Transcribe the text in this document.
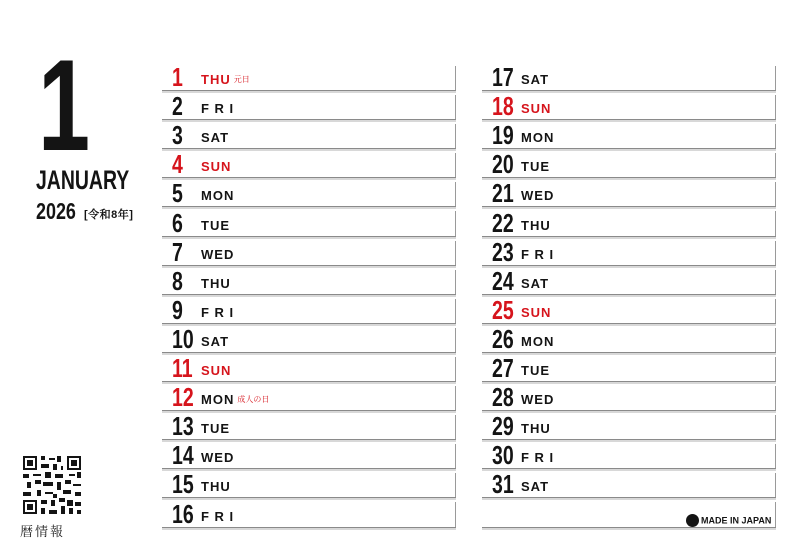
1
JANUARY
2026 [令和8年]
1	THU 元日
2	F R I
3	SAT
4	SUN
5	MON
6	TUE
7	WED
8	THU
9	F R I
10 SAT
11 SUN
12 MON 成人の日
13 TUE
14 WED
15 THU
16 F R I
17 SAT
18 SUN
19 MON
20 TUE
21 WED
22 THU
23 F R I
24 SAT
25 SUN
26 MON
27 TUE
28 WED
29 THU
30 F R I
31 SAT
暦情報
MADE IN JAPAN
